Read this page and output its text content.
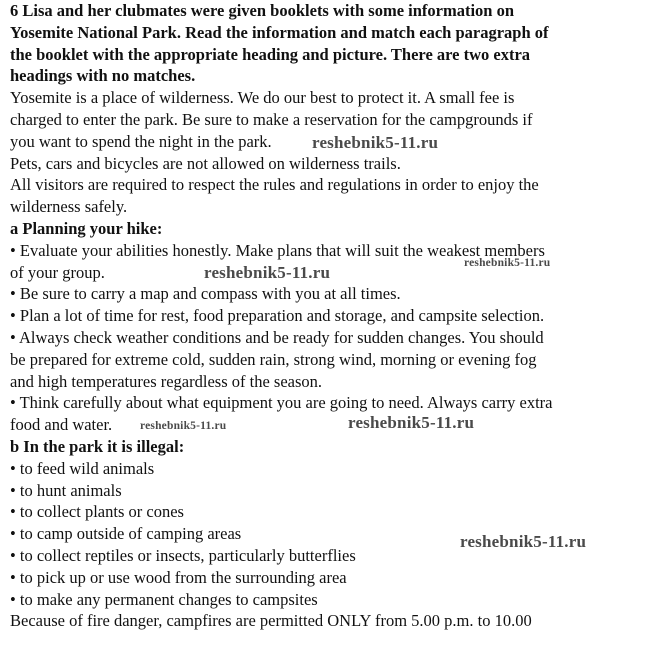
6 Lisa and her clubmates were given booklets with some information on
Yosemite National Park. Read the information and match each paragraph of
the booklet with the appropriate heading and picture. There are two extra
headings with no matches.
Yosemite is a place of wilderness. We do our best to protect it. A small fee is
charged to enter the park. Be sure to make a reservation for the campgrounds if
you want to spend the night in the park.
Pets, cars and bicycles are not allowed on wilderness trails.
All visitors are required to respect the rules and regulations in order to enjoy the
wilderness safely.
a Planning your hike:
• Evaluate your abilities honestly. Make plans that will suit the weakest members
of your group.
• Be sure to carry a map and compass with you at all times.
• Plan a lot of time for rest, food preparation and storage, and campsite selection.
• Always check weather conditions and be ready for sudden changes. You should
be prepared for extreme cold, sudden rain, strong wind, morning or evening fog
and high temperatures regardless of the season.
• Think carefully about what equipment you are going to need. Always carry extra
food and water.
b In the park it is illegal:
• to feed wild animals
• to hunt animals
• to collect plants or cones
• to camp outside of camping areas
• to collect reptiles or insects, particularly butterflies
• to pick up or use wood from the surrounding area
• to make any permanent changes to campsites
Because of fire danger, campfires are permitted ONLY from 5.00 p.m. to 10.00
reshebnik5-11.ru
reshebnik5-11.ru	reshebnik5-11.ru
reshebnik5-11.ru	reshebnik5-11.ru
reshebnik5-11.ru
